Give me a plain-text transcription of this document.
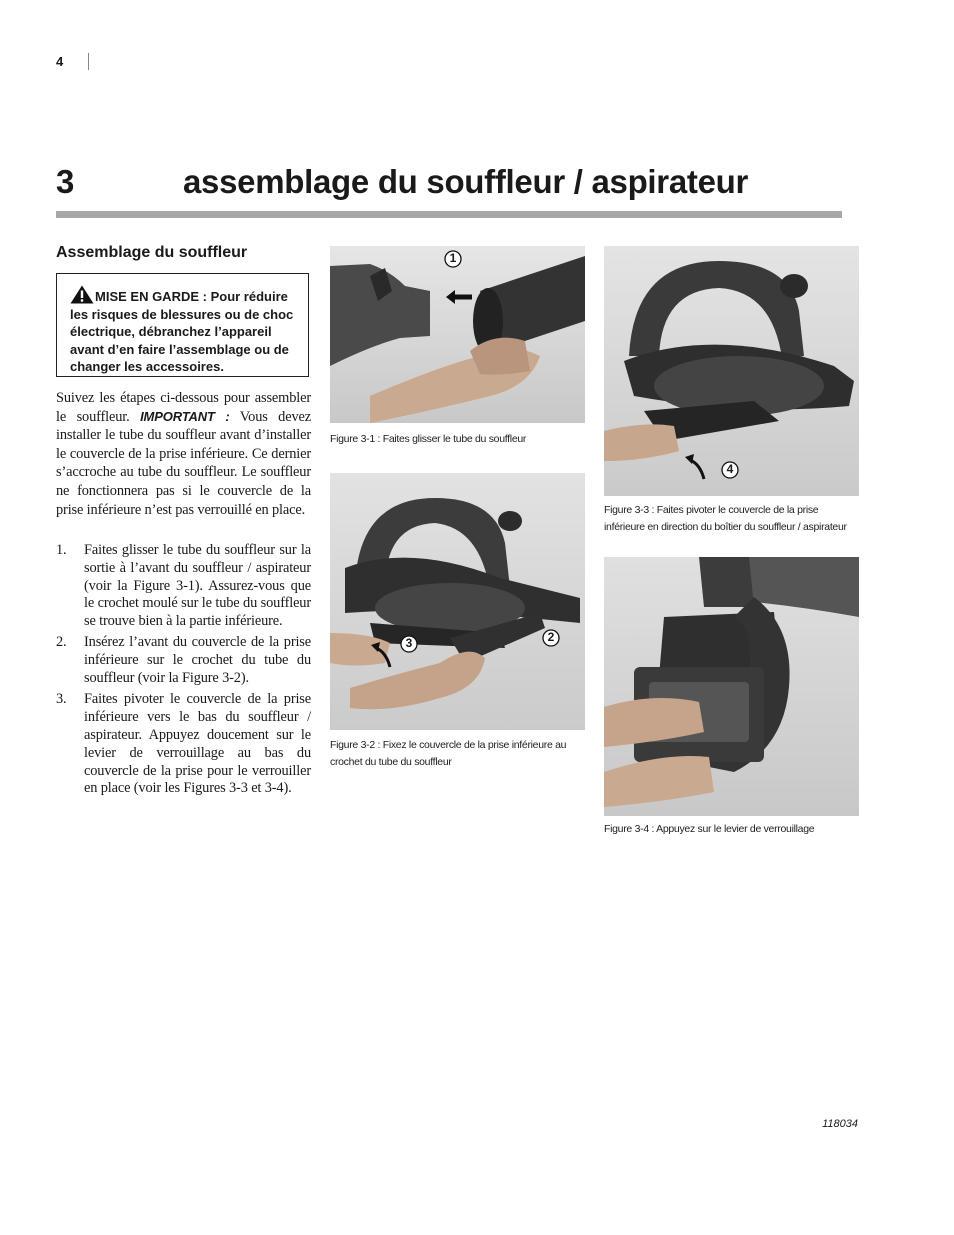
4
3	assemblage du souffleur / aspirateur
Assemblage du souffleur
MISE EN GARDE : Pour réduire les risques de blessures ou de choc électrique, débranchez l’appareil avant d’en faire l’assemblage ou de changer les accessoires.
Suivez les étapes ci-dessous pour assembler le souffleur. IMPORTANT : Vous devez installer le tube du souffleur avant d’installer le couvercle de la prise inférieure. Ce dernier s’accroche au tube du souffleur. Le souffleur ne fonctionnera pas si le couvercle de la prise inférieure n’est pas verrouillé en place.
1. Faites glisser le tube du souffleur sur la sortie à l’avant du souffleur / aspirateur (voir la Figure 3-1). Assurez-vous que le crochet moulé sur le tube du souffleur se trouve bien à la partie inférieure.
2. Insérez l’avant du couvercle de la prise inférieure sur le crochet du tube du souffleur (voir la Figure 3-2).
3. Faites pivoter le couvercle de la prise inférieure vers le bas du souffleur / aspirateur. Appuyez doucement sur le levier de verrouillage au bas du couvercle de la prise pour le verrouiller en place (voir les Figures 3-3 et 3-4).
1
Figure 3-1 : Faites glisser le tube du souffleur
3	2
Figure 3-2 : Fixez le couvercle de la prise inférieure au crochet du tube du souffleur
4
Figure 3-3 : Faites pivoter le couvercle de la prise inférieure en direction du boîtier du souffleur / aspirateur
Figure 3-4 : Appuyez sur le levier de verrouillage
118034
